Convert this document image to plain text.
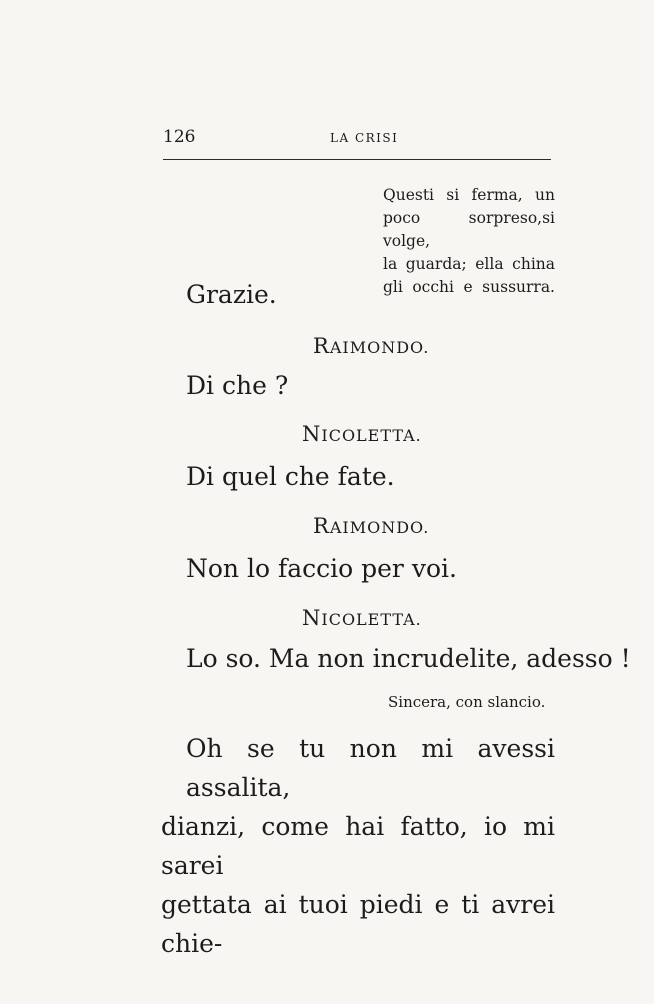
126	LA CRISI
Questi si ferma, un
poco sorpreso,si volge,
la guarda; ella china
gli occhi e sussurra.
Grazie.
RAIMONDO.
Di che ?
NICOLETTA.
Di quel che fate.
RAIMONDO.
Non lo faccio per voi.
NICOLETTA.
Lo so. Ma non incrudelite, adesso !
Sincera, con slancio.
Oh se tu non mi avessi assalita,
dianzi, come hai fatto, io mi sarei
gettata ai tuoi piedi e ti avrei chie-
